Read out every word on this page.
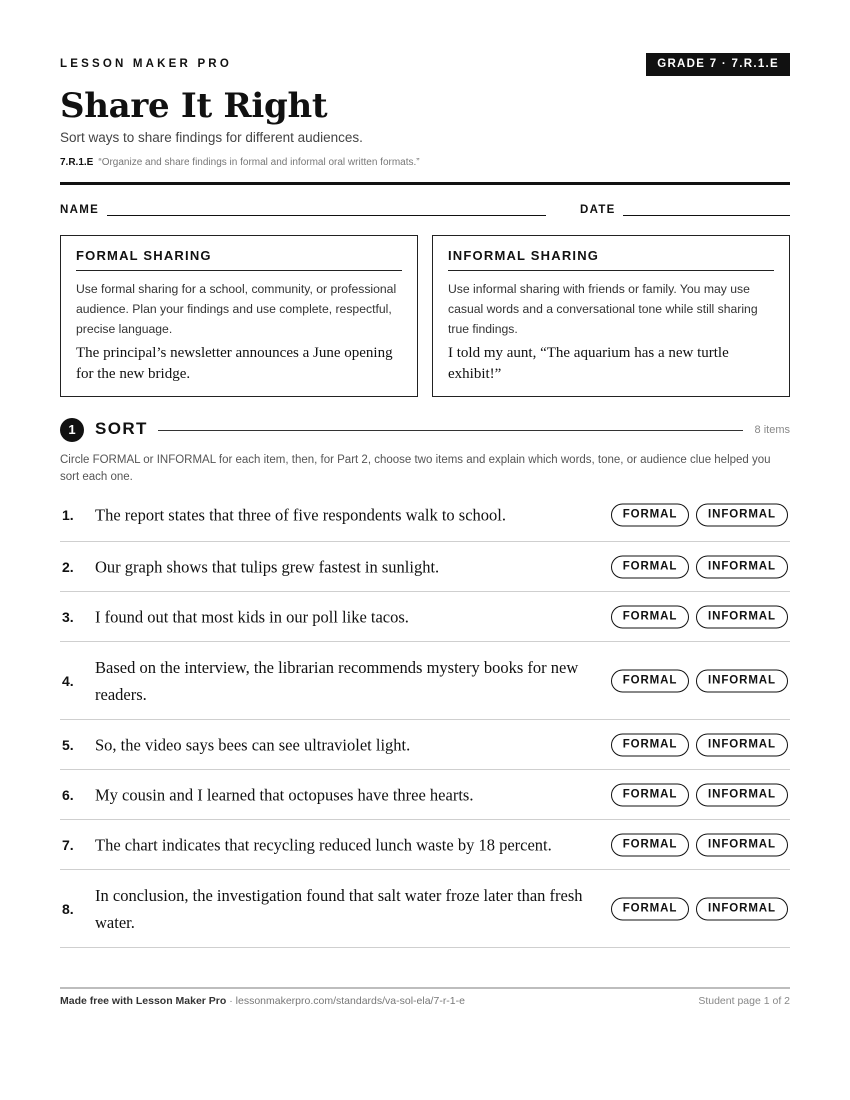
LESSON MAKER PRO	GRADE 7 · 7.R.1.E
Share It Right
Sort ways to share findings for different audiences.
7.R.1.E “Organize and share findings in formal and informal oral written formats.”
NAME	DATE
FORMAL SHARING
Use formal sharing for a school, community, or professional audience. Plan your findings and use complete, respectful, precise language.
The principal’s newsletter announces a June opening for the new bridge.
INFORMAL SHARING
Use informal sharing with friends or family. You may use casual words and a conversational tone while still sharing true findings.
I told my aunt, “The aquarium has a new turtle exhibit!”
1	SORT	8 items
Circle FORMAL or INFORMAL for each item, then, for Part 2, choose two items and explain which words, tone, or audience clue helped you sort each one.
1. The report states that three of five respondents walk to school.	FORMAL	INFORMAL
2. Our graph shows that tulips grew fastest in sunlight.	FORMAL	INFORMAL
3. I found out that most kids in our poll like tacos.	FORMAL	INFORMAL
4.
Based on the interview, the librarian recommends mystery books for new readers.
FORMAL	INFORMAL
5. So, the video says bees can see ultraviolet light.	FORMAL	INFORMAL
6. My cousin and I learned that octopuses have three hearts.	FORMAL	INFORMAL
7. The chart indicates that recycling reduced lunch waste by 18 percent.	FORMAL	INFORMAL
8.
In conclusion, the investigation found that salt water froze later than fresh water.
FORMAL	INFORMAL
Made free with Lesson Maker Pro · lessonmakerpro.com/standards/va-sol-ela/7-r-1-e	Student page 1 of 2
